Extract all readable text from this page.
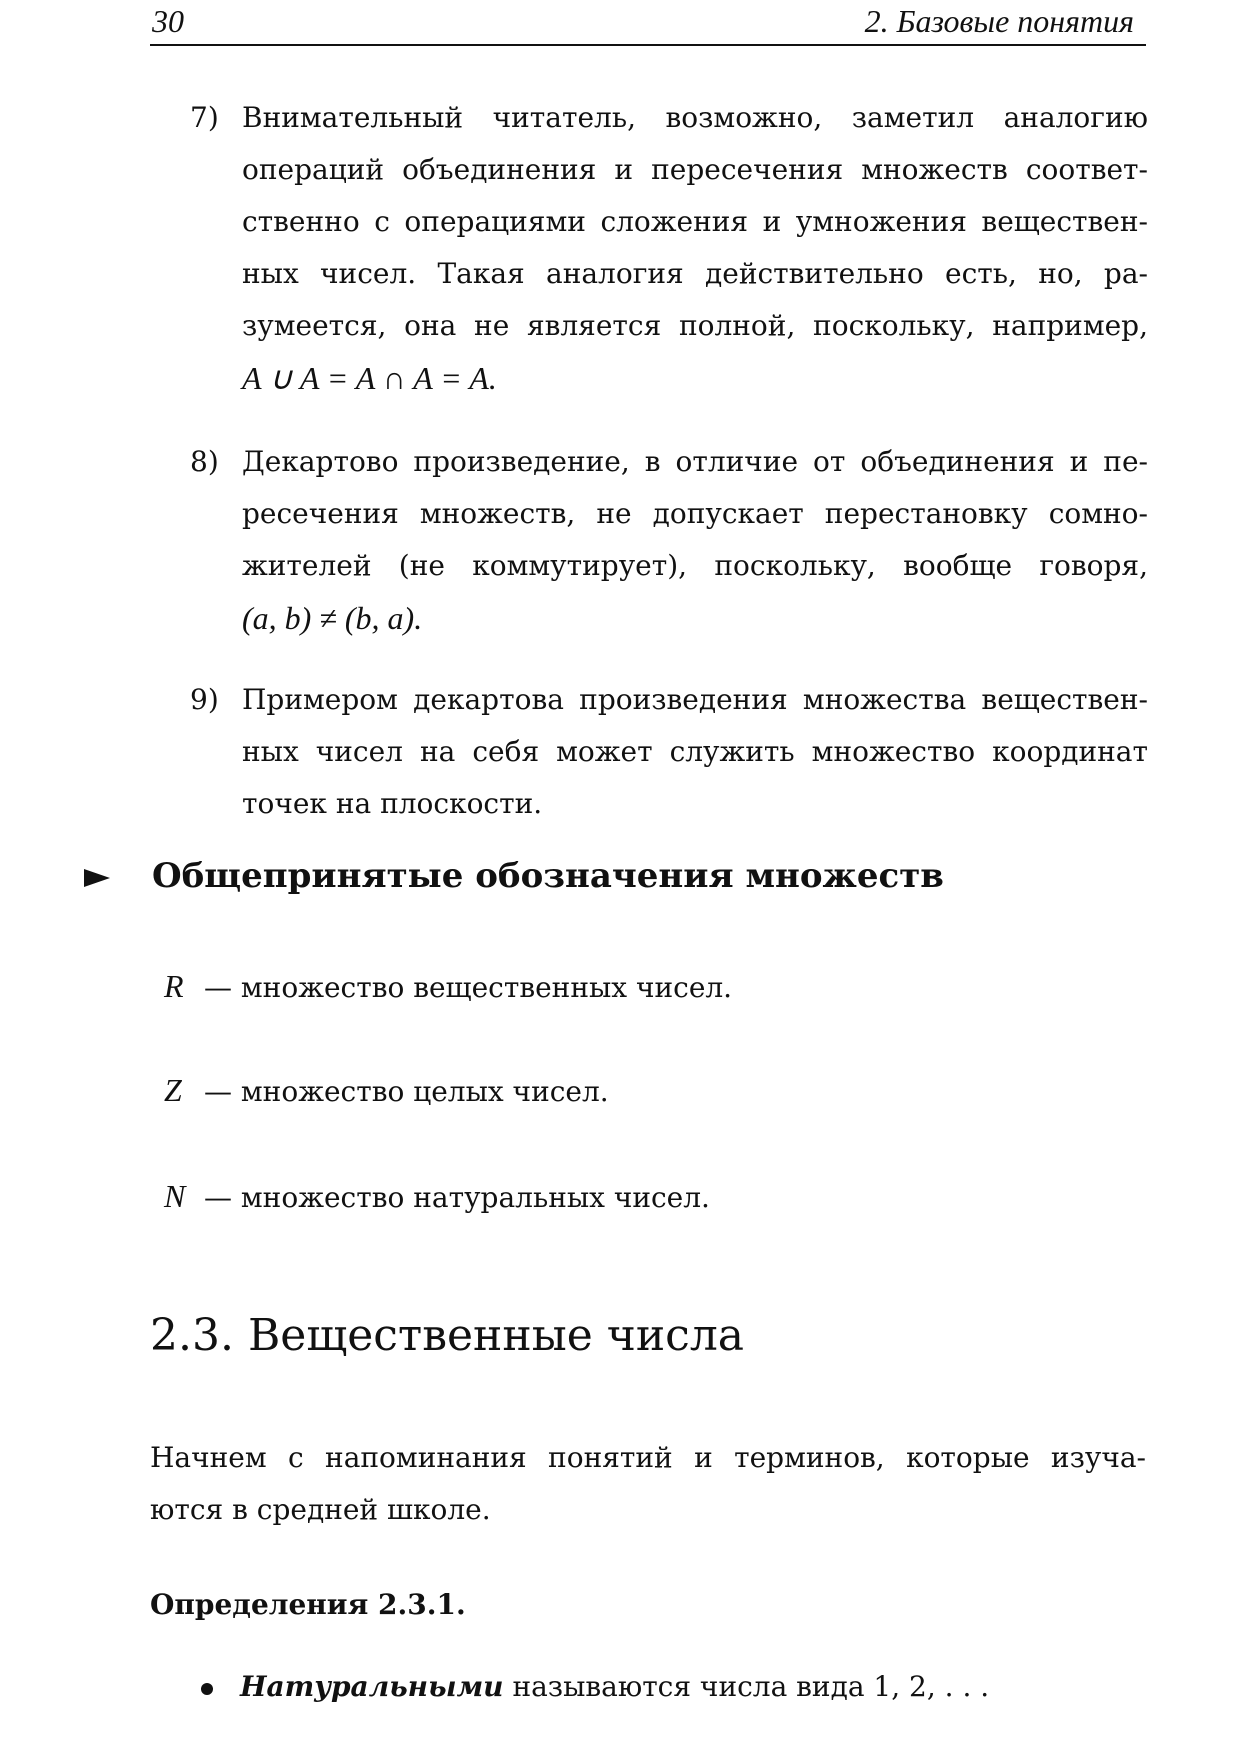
30	2. Базовые понятия
7) Внимательный читатель, возможно, заметил аналогию
операций объединения и пересечения множеств соответ-
ственно с операциями сложения и умножения веществен-
ных чисел. Такая аналогия действительно есть, но, ра-
зумеется, она не является полной, поскольку, например,
A ∪ A = A ∩ A = A.
8) Декартово произведение, в отличие от объединения и пе-
ресечения множеств, не допускает перестановку сомно-
жителей (не коммутирует), поскольку, вообще говоря,
(a, b) ≠ (b, a).
9) Примером декартова произведения множества веществен-
ных чисел на себя может служить множество координат
точек на плоскости.
Общепринятые обозначения множеств
R — множество вещественных чисел.
Z — множество целых чисел.
N — множество натуральных чисел.
2.3. Вещественные числа
Начнем с напоминания понятий и терминов, которые изуча-
ются в средней школе.
Определения 2.3.1.
Натуральными называются числа вида 1, 2, . . .
